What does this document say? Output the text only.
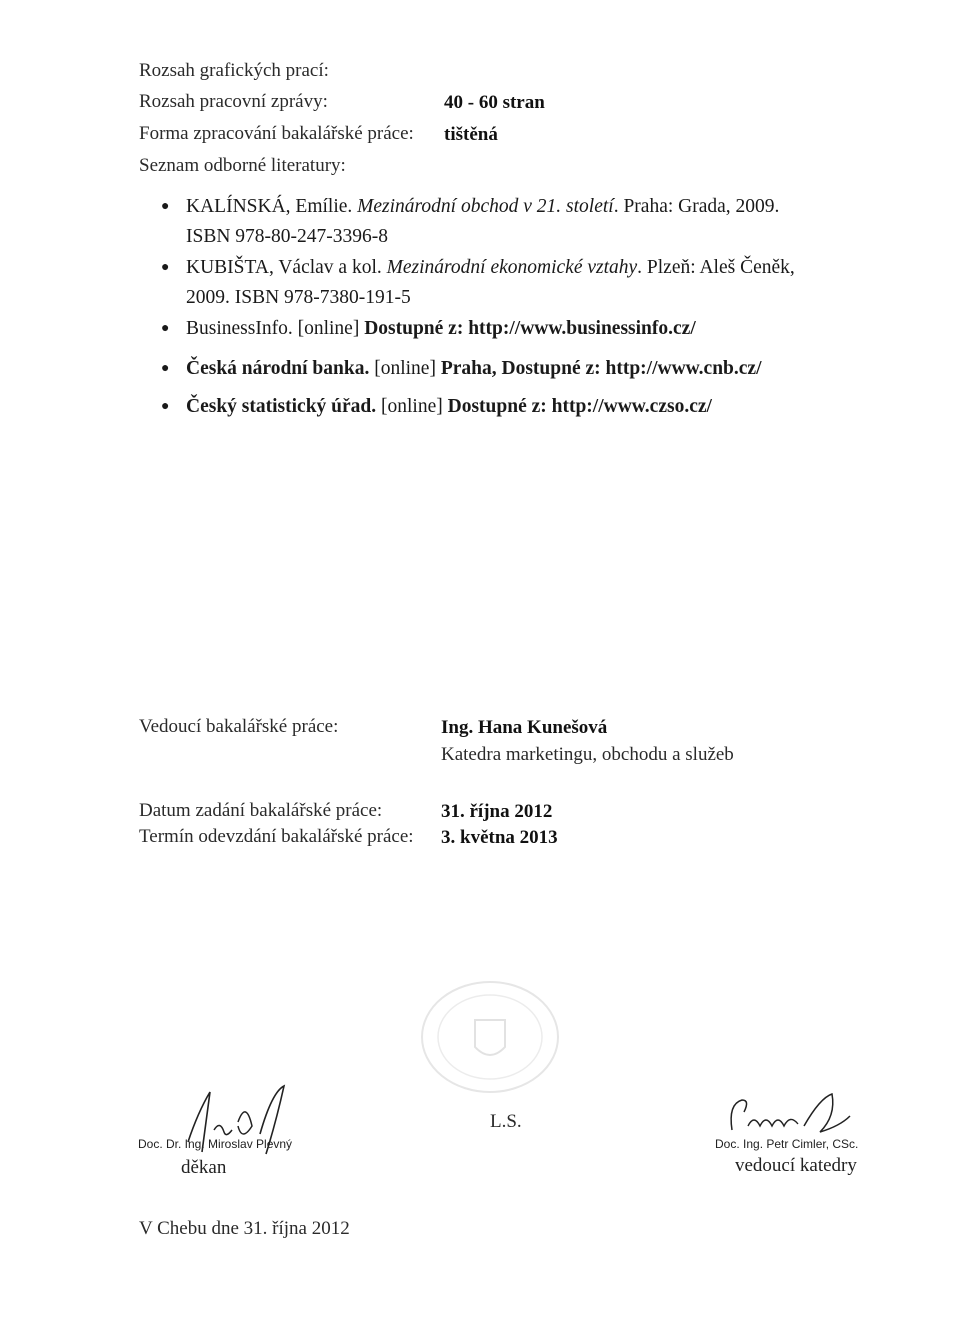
Rozsah grafických prací:
Rozsah pracovní zprávy:	40 - 60 stran
Forma zpracování bakalářské práce: tištěná
Seznam odborné literatury:
● KALÍNSKÁ, Emílie. Mezinárodní obchod v 21. století. Praha: Grada, 2009.
ISBN 978-80-247-3396-8
● KUBIŠTA, Václav a kol. Mezinárodní ekonomické vztahy. Plzeň: Aleš Čeněk,
2009. ISBN 978-7380-191-5
● BusinessInfo. [online] Dostupné z: http://www.businessinfo.cz/
● Česká národní banka. [online] Praha, Dostupné z: http://www.cnb.cz/
● Český statistický úřad. [online] Dostupné z: http://www.czso.cz/
Vedoucí bakalářské práce:	Ing. Hana Kunešová
Katedra marketingu, obchodu a služeb
Datum zadání bakalářské práce:	31. října 2012
Termín odevzdání bakalářské práce: 3. května 2013
Doc. Dr. Ing. Miroslav Plevný
děkan
L.S.
Doc. Ing. Petr Cimler, CSc.
vedoucí katedry
V Chebu dne 31. října 2012
